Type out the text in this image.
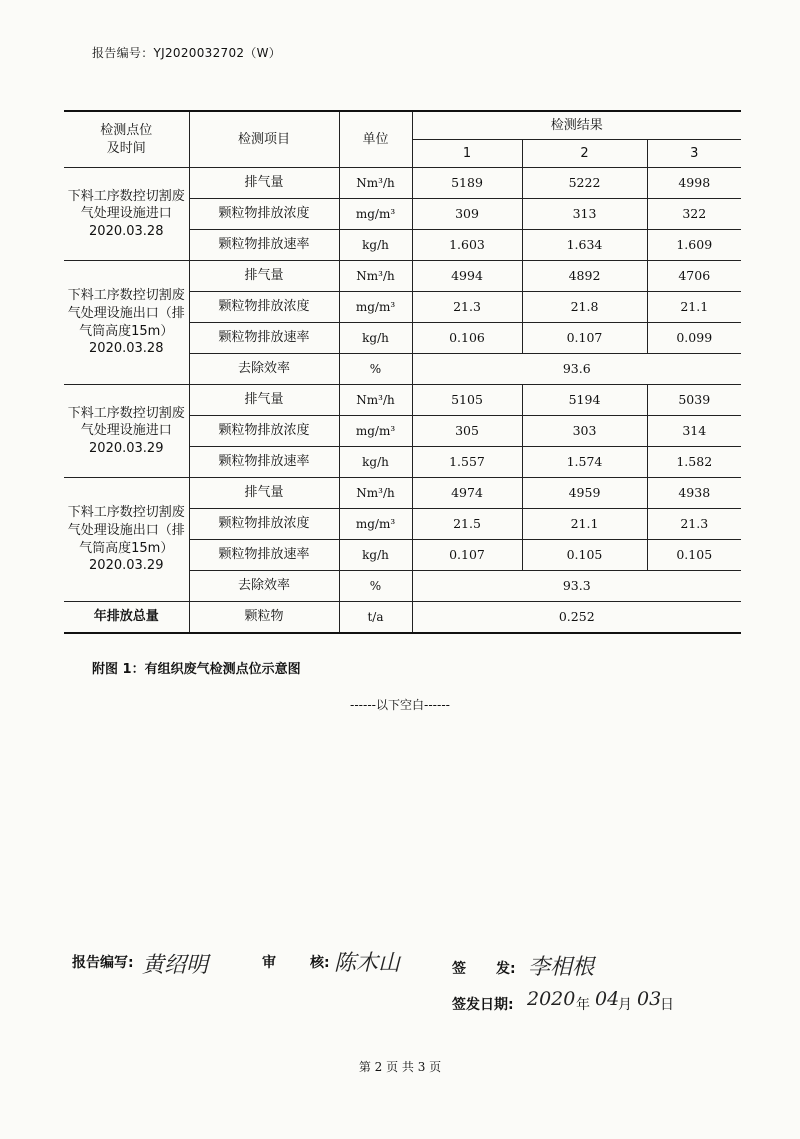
报告编号：YJ2020032702（W）
检测点位
及时间	检测项目	单位	检测结果		
			1	2	3
下料工序数控切割废气处理设施进口 2020.03.28	排气量	Nm³/h	5189	5222	4998
	颗粒物排放浓度	mg/m³	309	313	322
	颗粒物排放速率	kg/h	1.603	1.634	1.609
下料工序数控切割废气处理设施出口（排气筒高度15m）2020.03.28	排气量	Nm³/h	4994	4892	4706
	颗粒物排放浓度	mg/m³	21.3	21.8	21.1
	颗粒物排放速率	kg/h	0.106	0.107	0.099
	去除效率	%	93.6		
下料工序数控切割废气处理设施进口 2020.03.29	排气量	Nm³/h	5105	5194	5039
	颗粒物排放浓度	mg/m³	305	303	314
	颗粒物排放速率	kg/h	1.557	1.574	1.582
下料工序数控切割废气处理设施出口（排气筒高度15m）2020.03.29	排气量	Nm³/h	4974	4959	4938
	颗粒物排放浓度	mg/m³	21.5	21.1	21.3
	颗粒物排放速率	kg/h	0.107	0.105	0.105
	去除效率	%	93.3		
年排放总量	颗粒物	t/a	0.252		
附图 1：有组织废气检测点位示意图
------以下空白------
报告编写: 黄绍明	审 核: 陈木山	签 发: 李相根
签发日期: 2020 年 04
月 03
日
第 2 页 共 3 页
